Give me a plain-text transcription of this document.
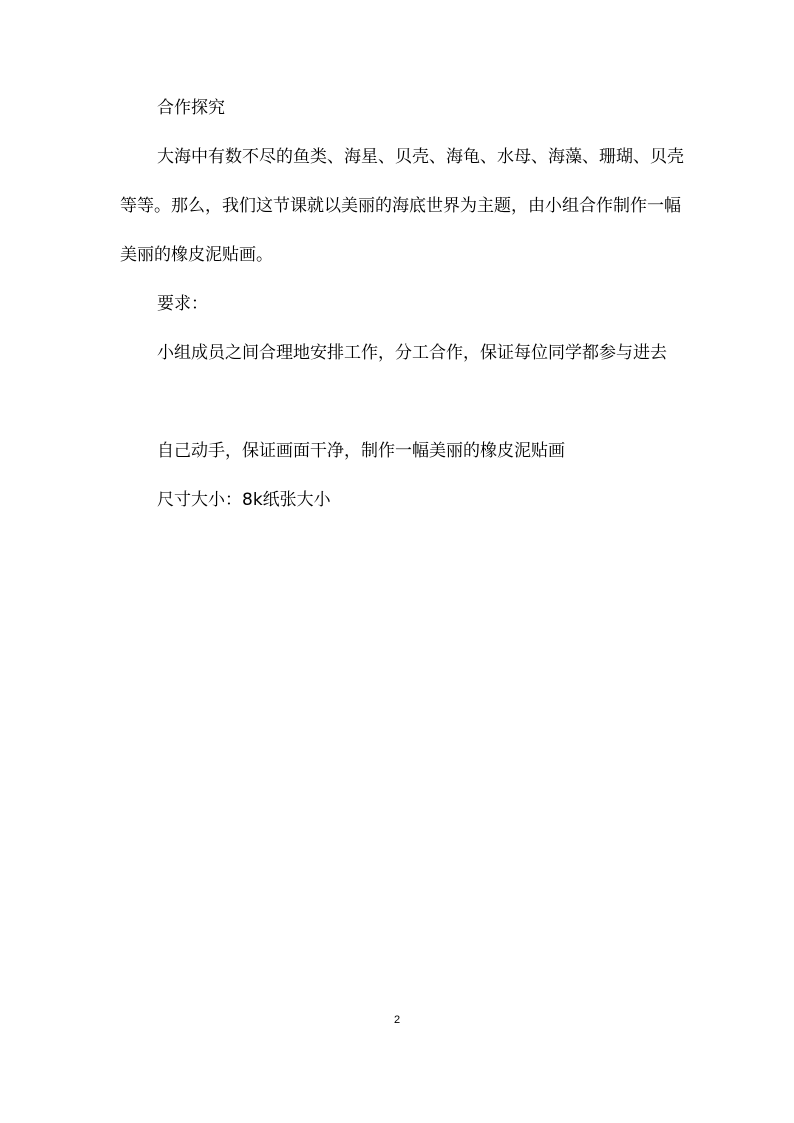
合作探究

大海中有数不尽的鱼类、海星、贝壳、海龟、水母、海藻、珊瑚、贝壳等等。那么，我们这节课就以美丽的海底世界为主题，由小组合作制作一幅美丽的橡皮泥贴画。

要求：

小组成员之间合理地安排工作，分工合作，保证每位同学都参与进去

自己动手，保证画面干净，制作一幅美丽的橡皮泥贴画

尺寸大小：8k纸张大小

2
